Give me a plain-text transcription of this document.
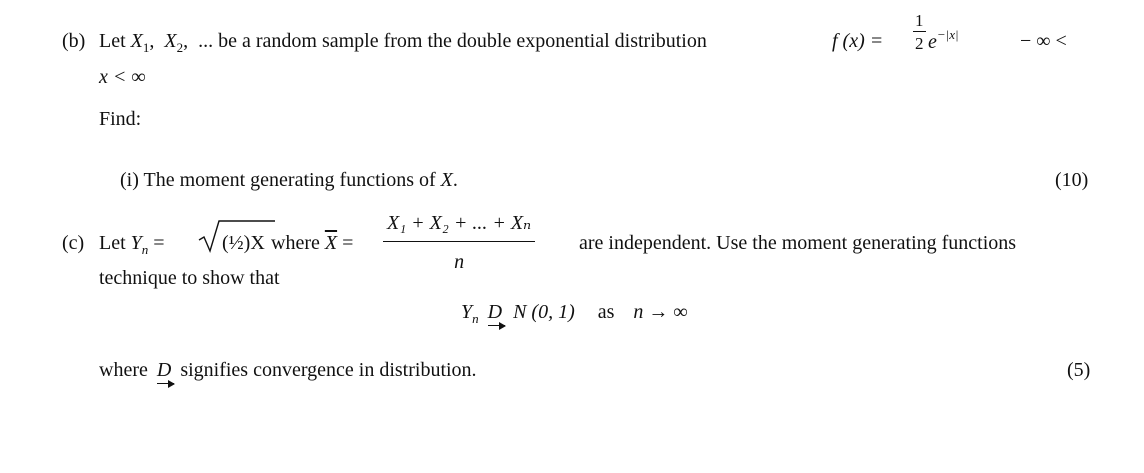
(b) Let $X_1$,  $X_2$,  ... be a random sample from the double exponential distribution	f $(x) = \frac{1}{2} e^{-|x|}$	− ∞ <
x < ∞
Find:
(i) The moment generating functions of X.	(10)
(c) Let $Y_n$ =	(½)X where $\overline{X} = \frac{\text{X₁ + X₂ + ... + Xₙ}}{n}$ are independent. Use the moment generating functions
technique to show that
$Y_n$ D N (0, 1) as n → ∞
where D signifies convergence in distribution.	(5)
